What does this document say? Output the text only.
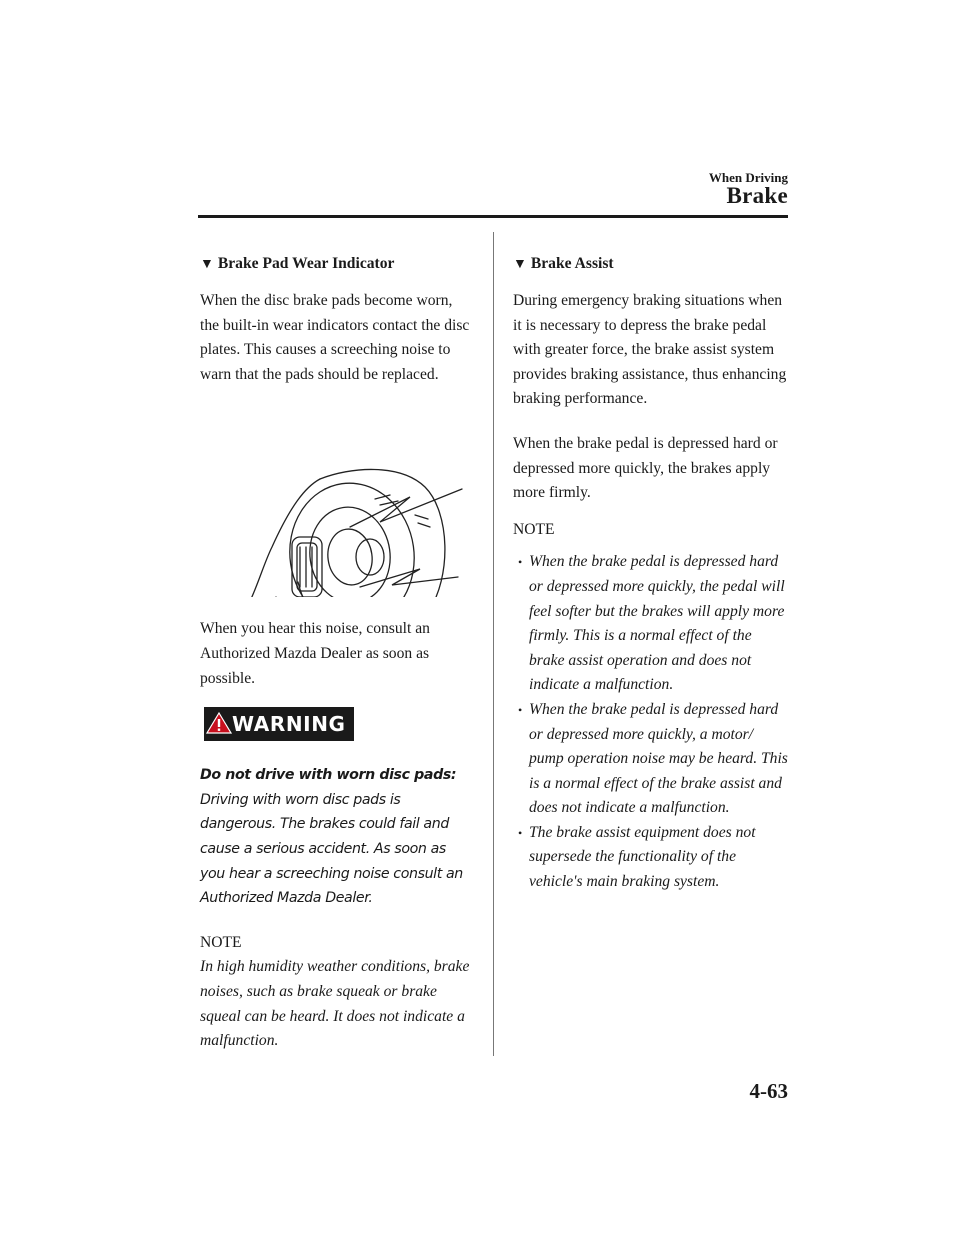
When Driving
Brake
▼ Brake Pad Wear Indicator

When the disc brake pads become worn, the built-in wear indicators contact the disc plates. This causes a screeching noise to warn that the pads should be replaced.

When you hear this noise, consult an Authorized Mazda Dealer as soon as possible.

WARNING
Do not drive with worn disc pads:
Driving with worn disc pads is dangerous. The brakes could fail and cause a serious accident. As soon as you hear a screeching noise consult an Authorized Mazda Dealer.

NOTE

In high humidity weather conditions, brake noises, such as brake squeak or brake squeal can be heard. It does not indicate a malfunction.

▼ Brake Assist

During emergency braking situations when it is necessary to depress the brake pedal with greater force, the brake assist system provides braking assistance, thus enhancing braking performance.

When the brake pedal is depressed hard or depressed more quickly, the brakes apply more firmly.

NOTE

• When the brake pedal is depressed hard or depressed more quickly, the pedal will feel softer but the brakes will apply more firmly. This is a normal effect of the brake assist operation and does not indicate a malfunction.
• When the brake pedal is depressed hard or depressed more quickly, a motor/ pump operation noise may be heard. This is a normal effect of the brake assist and does not indicate a malfunction.
• The brake assist equipment does not supersede the functionality of the vehicle's main braking system.
4-63
